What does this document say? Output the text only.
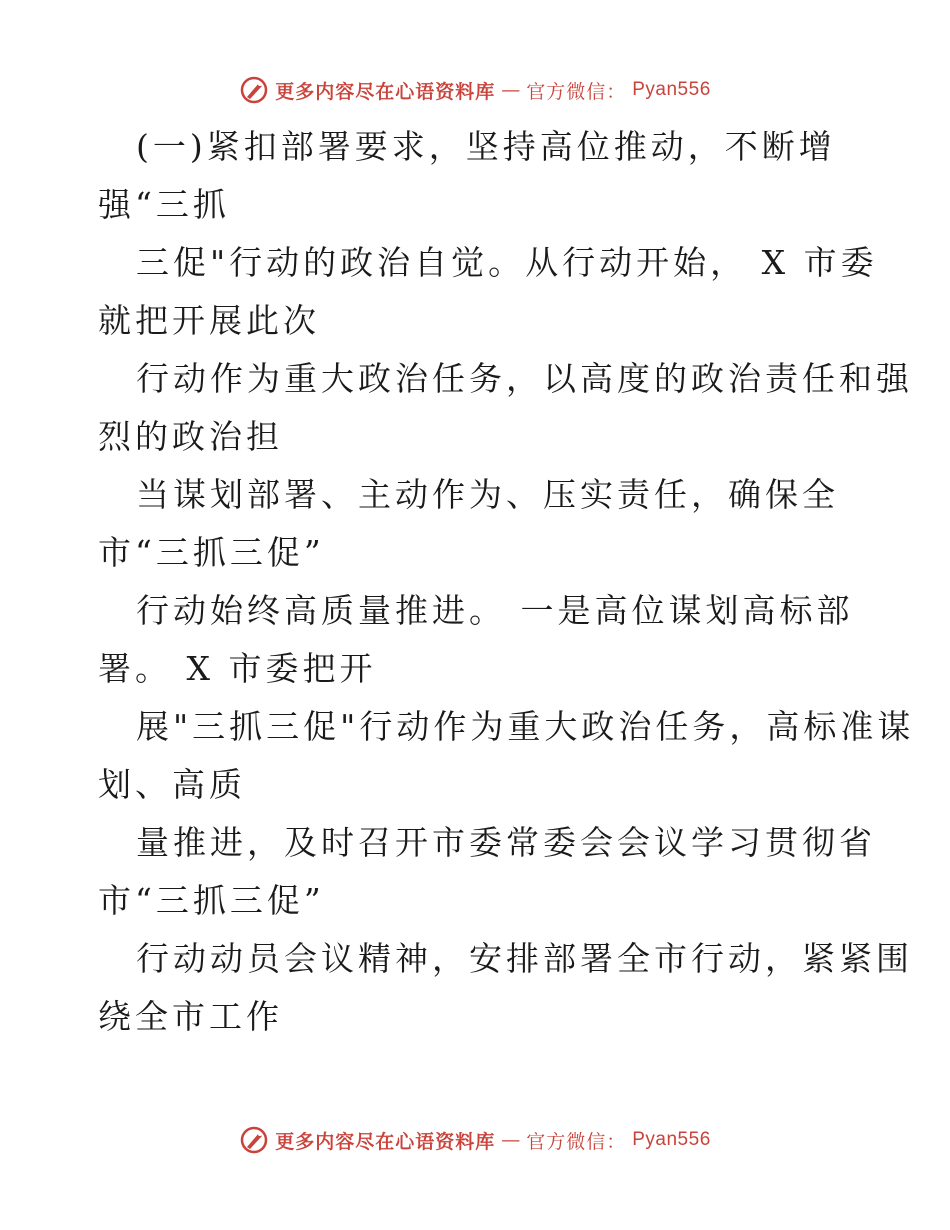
更多内容尽在心语资料库 — 官方微信： Pyan556
(一)紧扣部署要求，坚持高位推动，不断增
强“三抓
三促"行动的政治自觉。从行动开始， X 市委
就把开展此次
行动作为重大政治任务，以高度的政治责任和强
烈的政治担
当谋划部署、主动作为、压实责任，确保全
市“三抓三促”
行动始终高质量推进。 一是高位谋划高标部
署。 X 市委把开
展"三抓三促"行动作为重大政治任务，高标准谋
划、高质
量推进，及时召开市委常委会会议学习贯彻省
市“三抓三促”
行动动员会议精神，安排部署全市行动，紧紧围
绕全市工作
更多内容尽在心语资料库 — 官方微信： Pyan556
